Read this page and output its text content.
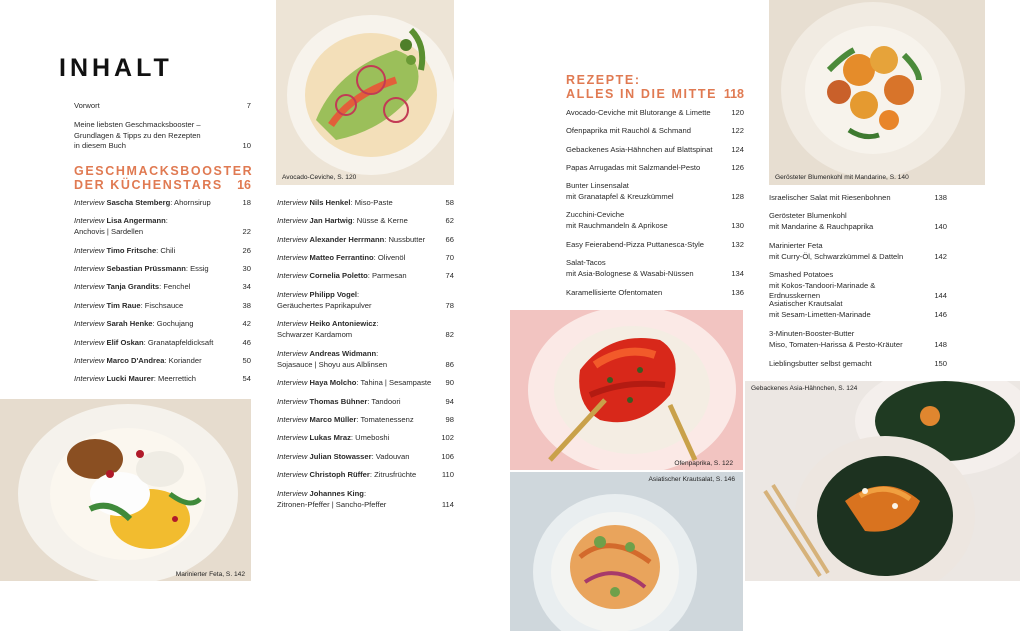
INHALT
Vorwort	7
Meine liebsten Geschmacksbooster –
Grundlagen & Tipps zu den Rezepten
in diesem Buch	10
GESCHMACKSBOOSTER
DER KÜCHENSTARS 16
Interview Sascha Stemberg: Ahornsirup	18
Interview Lisa Angermann:
Anchovis | Sardellen	22
Interview Timo Fritsche: Chili	26
Interview Sebastian Prüssmann: Essig	30
Interview Tanja Grandits: Fenchel	34
Interview Tim Raue: Fischsauce	38
Interview Sarah Henke: Gochujang	42
Interview Elif Oskan: Granatapfeldicksaft	46
Interview Marco D'Andrea: Koriander	50
Interview Lucki Maurer: Meerrettich	54
Interview Nils Henkel: Miso-Paste	58
Interview Jan Hartwig: Nüsse & Kerne	62
Interview Alexander Herrmann: Nussbutter	66
Interview Matteo Ferrantino: Olivenöl	70
Interview Cornelia Poletto: Parmesan	74
Interview Philipp Vogel:
Geräuchertes Paprikapulver	78
Interview Heiko Antoniewicz:
Schwarzer Kardamom	82
Interview Andreas Widmann:
Sojasauce | Shoyu aus Alblinsen	86
Interview Haya Molcho: Tahina | Sesampaste	90
Interview Thomas Bühner: Tandoori	94
Interview Marco Müller: Tomatenessenz	98
Interview Lukas Mraz: Umeboshi	102
Interview Julian Stowasser: Vadouvan	106
Interview Christoph Rüffer: Zitrusfrüchte	110
Interview Johannes King:
Zitronen-Pfeffer | Sancho-Pfeffer	114
REZEPTE:
ALLES IN DIE MITTE 118
Avocado-Ceviche mit Blutorange & Limette	120
Ofenpaprika mit Rauchöl & Schmand	122
Gebackenes Asia-Hähnchen auf Blattspinat	124
Papas Arrugadas mit Salzmandel-Pesto	126
Bunter Linsensalat
mit Granatapfel & Kreuzkümmel	128
Zucchini-Ceviche
mit Rauchmandeln & Aprikose	130
Easy Feierabend-Pizza Puttanesca-Style	132
Salat-Tacos
mit Asia-Bolognese & Wasabi-Nüssen	134
Karamellisierte Ofentomaten	136
Israelischer Salat mit Riesenbohnen	138
Gerösteter Blumenkohl
mit Mandarine & Rauchpaprika	140
Marinierter Feta
mit Curry-Öl, Schwarzkümmel & Datteln	142
Smashed Potatoes
mit Kokos-Tandoori-Marinade & Erdnusskernen	144
Asiatischer Krautsalat
mit Sesam-Limetten-Marinade	146
3-Minuten-Booster-Butter
Miso, Tomaten-Harissa & Pesto-Kräuter	148
Lieblingsbutter selbst gemacht	150
Avocado-Ceviche, S. 120
Marinierter Feta, S. 142
Ofenpaprika, S. 122
Asiatischer Krautsalat, S. 146
Gerösteter Blumenkohl mit Mandarine, S. 140
Gebackenes Asia-Hähnchen, S. 124
